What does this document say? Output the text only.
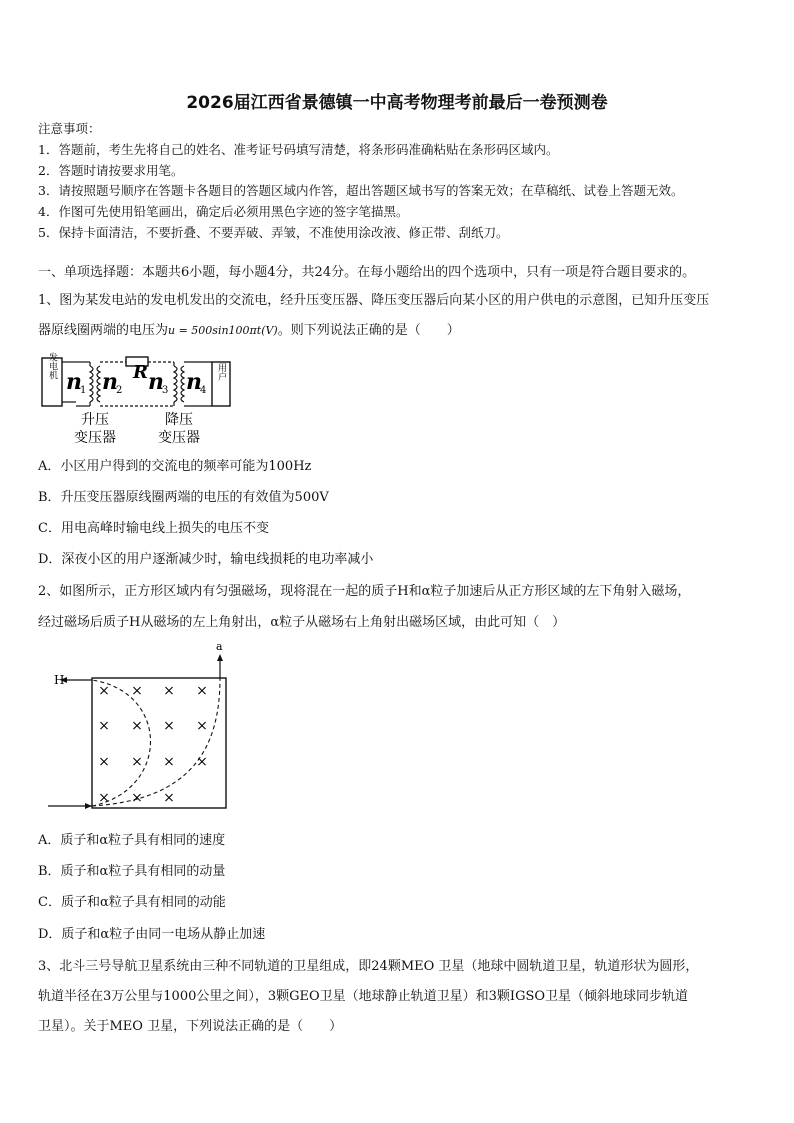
2026届江西省景德镇一中高考物理考前最后一卷预测卷
注意事项：
1．答题前，考生先将自己的姓名、准考证号码填写清楚，将条形码准确粘贴在条形码区域内。
2．答题时请按要求用笔。
3．请按照题号顺序在答题卡各题目的答题区域内作答，超出答题区域书写的答案无效；在草稿纸、试卷上答题无效。
4．作图可先使用铅笔画出，确定后必须用黑色字迹的签字笔描黑。
5．保持卡面清洁，不要折叠、不要弄破、弄皱，不准使用涂改液、修正带、刮纸刀。
一、单项选择题：本题共6小题，每小题4分，共24分。在每小题给出的四个选项中，只有一项是符合题目要求的。
1、图为某发电站的发电机发出的交流电，经升压变压器、降压变压器后向某小区的用户供电的示意图，已知升压变压
器原线圈两端的电压为u = 500sin100πt(V)。则下列说法正确的是（　　）
发电机
n
1 n
2
R n
3 n
4
用户
升压
变压器
降压
变压器
A．小区用户得到的交流电的频率可能为100Hz
B．升压变压器原线圈两端的电压的有效值为500V
C．用电高峰时输电线上损失的电压不变
D．深夜小区的用户逐渐减少时，输电线损耗的电功率减小
2、如图所示，正方形区域内有匀强磁场，现将混在一起的质子H和α粒子加速后从正方形区域的左下角射入磁场，
经过磁场后质子H从磁场的左上角射出，α粒子从磁场右上角射出磁场区域，由此可知（　）
× × × ×
× × × ×
× × × ×
× × ×
H
a
A．质子和α粒子具有相同的速度
B．质子和α粒子具有相同的动量
C．质子和α粒子具有相同的动能
D．质子和α粒子由同一电场从静止加速
3、北斗三号导航卫星系统由三种不同轨道的卫星组成，即24颗MEO 卫星（地球中圆轨道卫星，轨道形状为圆形，
轨道半径在3万公里与1000公里之间），3颗GEO卫星（地球静止轨道卫星）和3颗IGSO卫星（倾斜地球同步轨道
卫星）。关于MEO 卫星，下列说法正确的是（　　）
